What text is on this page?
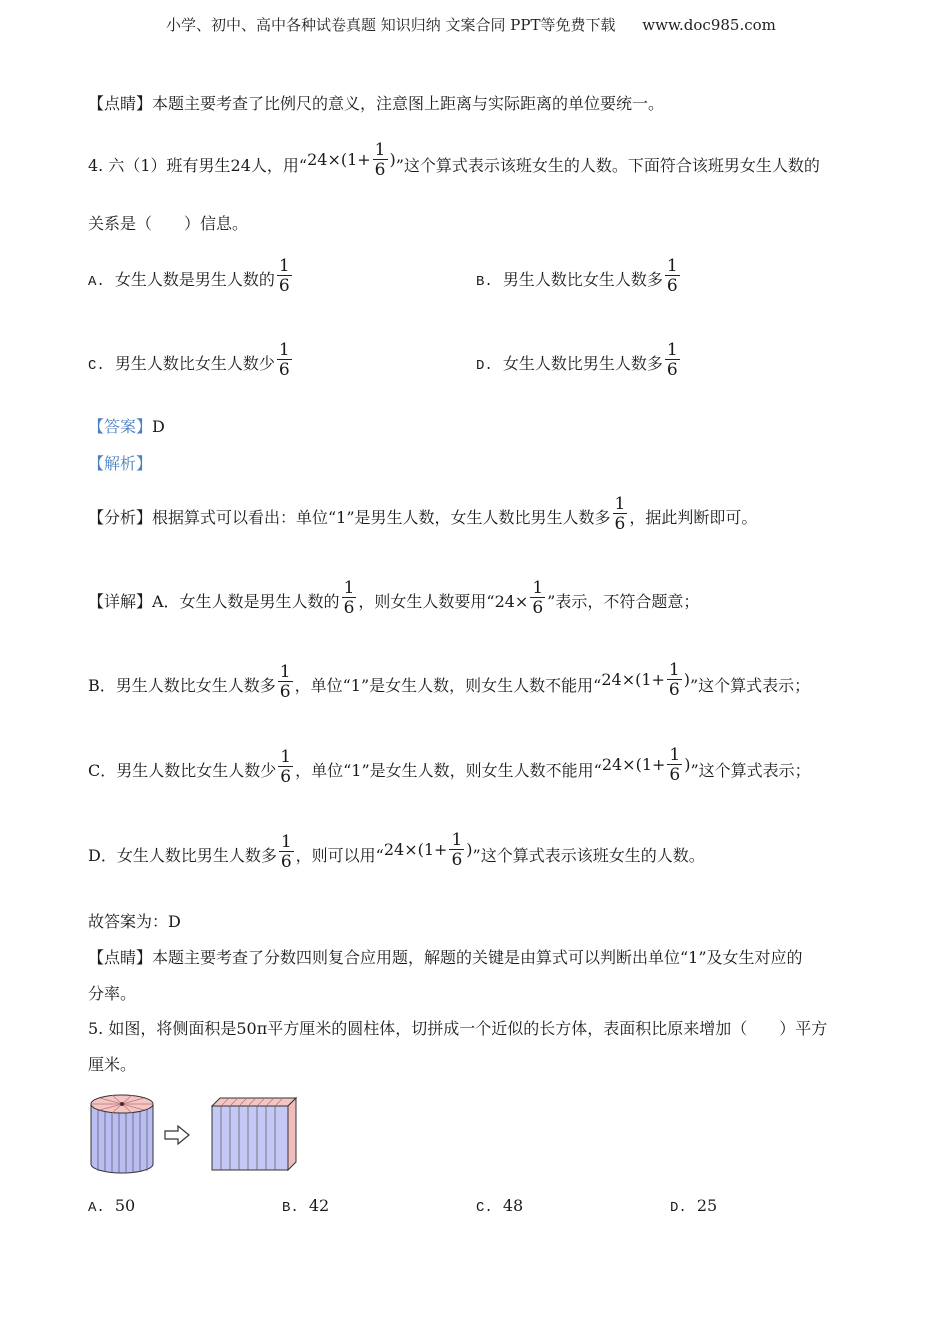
小学、初中、高中各种试卷真题 知识归纳 文案合同 PPT等免费下载 www.doc985.com
【点睛】本题主要考查了比例尺的意义，注意图上距离与实际距离的单位要统一。
4. 六（1）班有男生24人，用“$24\times(1+ \frac{1}{6}$ )”这个算式表示该班女生的人数。下面符合该班男女生人数的
关系是（　　）信息。
A. 女生人数是男生人数的 $\frac{1}{6}$	B. 男生人数比女生人数多 $\frac{1}{6}$
C. 男生人数比女生人数少 $\frac{1}{6}$	D. 女生人数比男生人数多 $\frac{1}{6}$
【答案】D
【解析】
【分析】根据算式可以看出：单位“1”是男生人数，女生人数比男生人数多 $\frac{1}{6}$ ，据此判断即可。
【详解】A．女生人数是男生人数的 $\frac{1}{6}$ ，则女生人数要用“$24\times \frac{1}{6}$ ”表示，不符合题意；
B．男生人数比女生人数多 $\frac{1}{6}$ ，单位“1”是女生人数，则女生人数不能用“$24\times(1+ \frac{1}{6}$ )”这个算式表示；
C．男生人数比女生人数少 $\frac{1}{6}$ ，单位“1”是女生人数，则女生人数不能用“$24\times(1+ \frac{1}{6}$ )”这个算式表示；
D．女生人数比男生人数多 $\frac{1}{6}$ ，则可以用“$24\times(1+ \frac{1}{6}$ )”这个算式表示该班女生的人数。
故答案为：D
【点睛】本题主要考查了分数四则复合应用题，解题的关键是由算式可以判断出单位“1”及女生对应的
分率。
5. 如图，将侧面积是50π平方厘米的圆柱体，切拼成一个近似的长方体，表面积比原来增加（　　）平方
厘米。
A. 50	B. 42	C. 48	D. 25
